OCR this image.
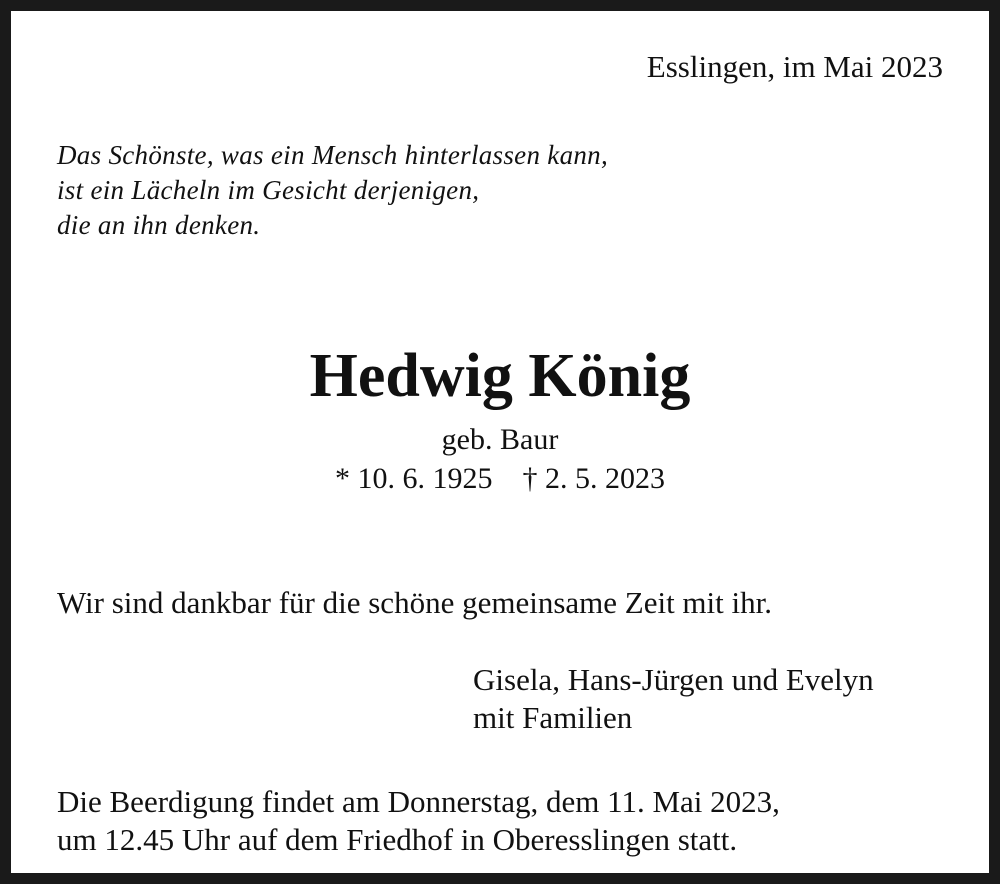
Esslingen, im Mai 2023
Das Schönste, was ein Mensch hinterlassen kann,
ist ein Lächeln im Gesicht derjenigen,
die an ihn denken.
Hedwig König
geb. Baur
* 10. 6. 1925 † 2. 5. 2023
Wir sind dankbar für die schöne gemeinsame Zeit mit ihr.
Gisela, Hans-Jürgen und Evelyn
mit Familien
Die Beerdigung findet am Donnerstag, dem 11. Mai 2023,
um 12.45 Uhr auf dem Friedhof in Oberesslingen statt.
